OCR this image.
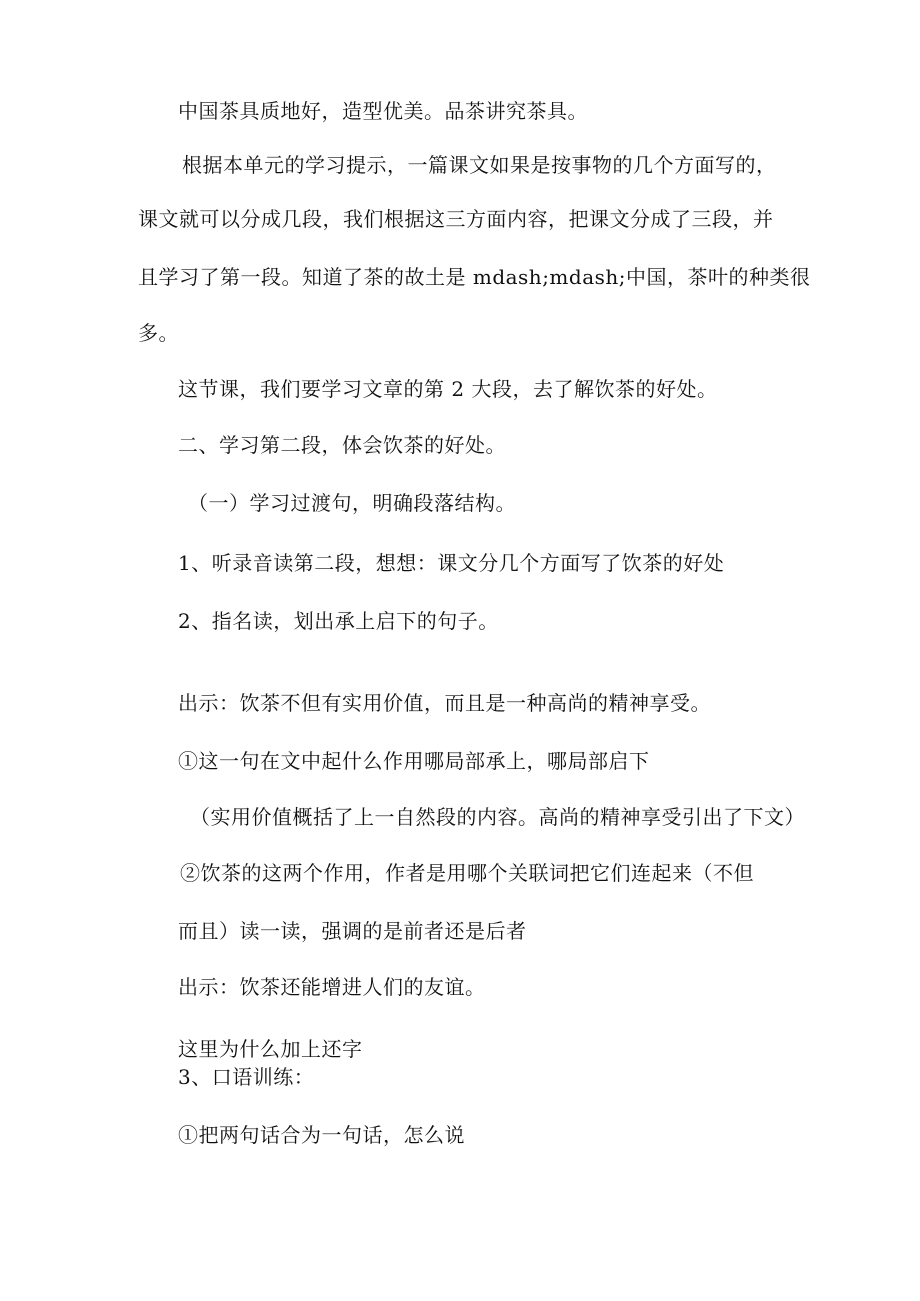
中国茶具质地好，造型优美。品茶讲究茶具。
根据本单元的学习提示，一篇课文如果是按事物的几个方面写的，
课文就可以分成几段，我们根据这三方面内容，把课文分成了三段，并
且学习了第一段。知道了茶的故土是 mdash;mdash;中国，茶叶的种类很
多。
这节课，我们要学习文章的第 2 大段，去了解饮茶的好处。
二、学习第二段，体会饮茶的好处。
（一）学习过渡句，明确段落结构。
1、听录音读第二段，想想：课文分几个方面写了饮茶的好处
2、指名读，划出承上启下的句子。
出示：饮茶不但有实用价值，而且是一种高尚的精神享受。
①这一句在文中起什么作用哪局部承上，哪局部启下
（实用价值概括了上一自然段的内容。高尚的精神享受引出了下文）
②饮茶的这两个作用，作者是用哪个关联词把它们连起来（不但
而且）读一读，强调的是前者还是后者
出示：饮茶还能增进人们的友谊。
这里为什么加上还字
3、口语训练：
①把两句话合为一句话，怎么说
